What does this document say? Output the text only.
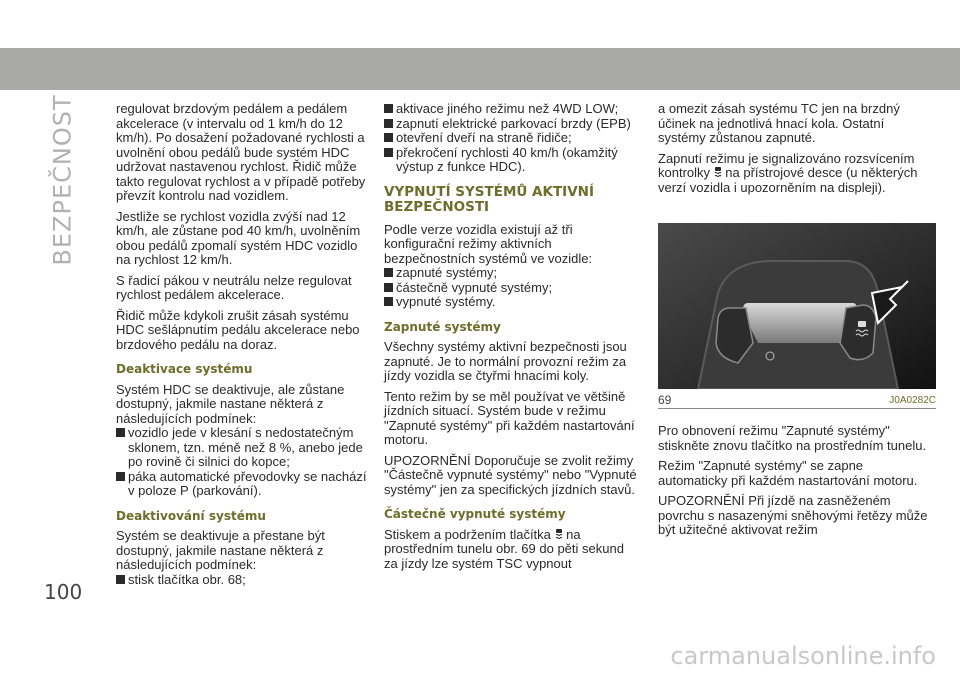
BEZPEČNOST	regulovat brzdovým pedálem a pedálem akcelerace (v intervalu od 1 km/h do 12 km/h). Po dosažení požadované rychlosti a uvolnění obou pedálů bude systém HDC udržovat nastavenou rychlost. Řidič může takto regulovat rychlost a v případě potřeby převzít kontrolu nad vozidlem.

Jestliže se rychlost vozidla zvýší nad 12 km/h, ale zůstane pod 40 km/h, uvolněním obou pedálů zpomalí systém HDC vozidlo na rychlost 12 km/h.

S řadicí pákou v neutrálu nelze regulovat rychlost pedálem akcelerace.

Řidič může kdykoli zrušit zásah systému HDC sešlápnutím pedálu akcelerace nebo brzdového pedálu na doraz.

Deaktivace systému

Systém HDC se deaktivuje, ale zůstane dostupný, jakmile nastane některá z následujících podmínek:

vozidlo jede v klesání s nedostatečným sklonem, tzn. méně než 8 %, anebo jede po rovině či silnici do kopce;
páka automatické převodovky se nachází v poloze P (parkování).
Deaktivování systému

Systém se deaktivuje a přestane být dostupný, jakmile nastane některá z následujících podmínek:

stisk tlačítka obr. 68;
aktivace jiného režimu než 4WD LOW;
zapnutí elektrické parkovací brzdy (EPB)
otevření dveří na straně řidiče;
překročení rychlosti 40 km/h (okamžitý výstup z funkce HDC).
VYPNUTÍ SYSTÉMŮ AKTIVNÍ BEZPEČNOSTI

Podle verze vozidla existují až tři konfigurační režimy aktivních bezpečnostních systémů ve vozidle:

zapnuté systémy;
částečně vypnuté systémy;
vypnuté systémy.
Zapnuté systémy

Všechny systémy aktivní bezpečnosti jsou zapnuté. Je to normální provozní režim za jízdy vozidla se čtyřmi hnacími koly.

Tento režim by se měl používat ve většině jízdních situací. Systém bude v režimu "Zapnuté systémy" při každém nastartování motoru.

UPOZORNĚNÍ Doporučuje se zvolit režimy "Částečně vypnuté systémy" nebo "Vypnuté systémy" jen za specifických jízdních stavů.

Částečně vypnuté systémy

Stiskem a podržením tlačítka na prostředním tunelu obr. 69 do pěti sekund za jízdy lze systém TSC vypnout

a omezit zásah systému TC jen na brzdný účinek na jednotlivá hnací kola. Ostatní systémy zůstanou zapnuté.

Zapnutí režimu je signalizováno rozsvícením kontrolky na přístrojové desce (u některých verzí vozidla i upozorněním na displeji).

69	J0A0282C

Pro obnovení režimu "Zapnuté systémy" stiskněte znovu tlačítko na prostředním tunelu.

Režim "Zapnuté systémy" se zapne automaticky při každém nastartování motoru.

UPOZORNĚNÍ Při jízdě na zasněženém povrchu s nasazenými sněhovými řetězy může být užitečné aktivovat režim

100
carmanualsonline.info
